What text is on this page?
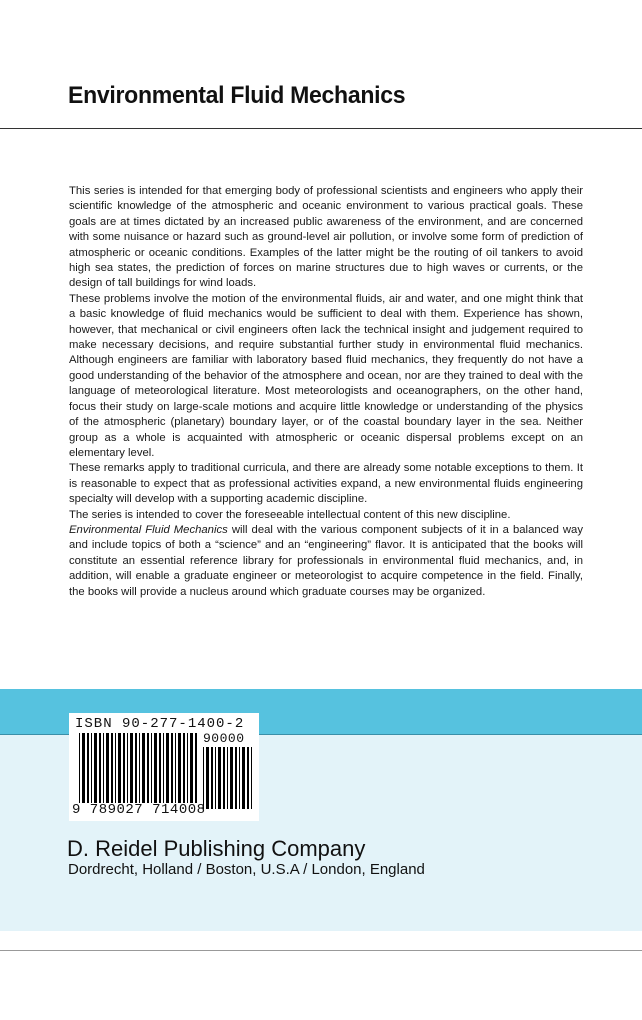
Environmental Fluid Mechanics

This series is intended for that emerging body of professional scientists and engineers who apply their scientific knowledge of the atmospheric and oceanic environment to various practical goals. These goals are at times dictated by an increased public awareness of the environment, and are concerned with some nuisance or hazard such as ground-level air pollution, or involve some form of prediction of atmospheric or oceanic conditions. Examples of the latter might be the routing of oil tankers to avoid high sea states, the prediction of forces on marine structures due to high waves or currents, or the design of tall buildings for wind loads.

These problems involve the motion of the environmental fluids, air and water, and one might think that a basic knowledge of fluid mechanics would be sufficient to deal with them. Experience has shown, however, that mechanical or civil engineers often lack the technical insight and judgement required to make necessary decisions, and require substantial further study in environmental fluid mechanics. Although engineers are familiar with laboratory based fluid mechanics, they frequently do not have a good understanding of the behavior of the atmosphere and ocean, nor are they trained to deal with the language of meteorological literature. Most meteorologists and oceanographers, on the other hand, focus their study on large-scale motions and acquire little knowledge or understanding of the physics of the atmospheric (planetary) boundary layer, or of the coastal boundary layer in the sea. Neither group as a whole is acquainted with atmospheric or oceanic dispersal problems except on an elementary level.

These remarks apply to traditional curricula, and there are already some notable exceptions to them. It is reasonable to expect that as professional activities expand, a new environmental fluids engineering specialty will develop with a supporting academic discipline.

The series is intended to cover the foreseeable intellectual content of this new discipline.
Environmental Fluid Mechanics will deal with the various component subjects of it in a balanced way and include topics of both a “science” and an “engineering” flavor. It is anticipated that the books will constitute an essential reference library for professionals in environmental fluid mechanics, and, in addition, will enable a graduate engineer or meteorologist to acquire competence in the field. Finally, the books will provide a nucleus around which graduate courses may be organized.

ISBN 90-277-1400-2
90000
9 789027 714008
D. Reidel Publishing Company
Dordrecht, Holland / Boston, U.S.A / London, England
